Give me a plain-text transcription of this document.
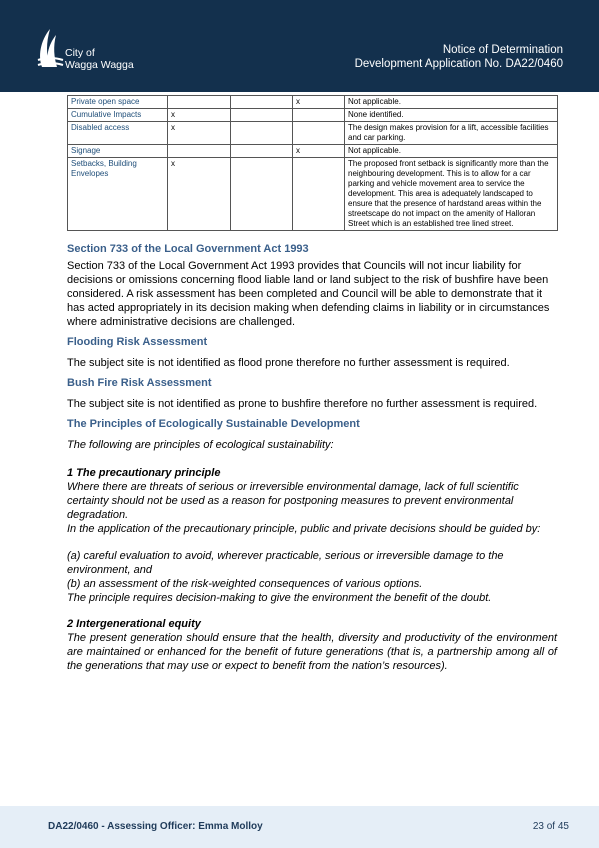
City of
Wagga Wagga
Notice of Determination
Development Application No. DA22/0460
Private open space			x	Not applicable.
Cumulative Impacts	x			None identified.
Disabled access	x			The design makes provision for a lift, accessible facilities and car parking.
Signage			x	Not applicable.
Setbacks, Building Envelopes	x			The proposed front setback is significantly more than the neighbouring development. This is to allow for a car parking and vehicle movement area to service the development. This area is adequately landscaped to ensure that the presence of hardstand areas within the streetscape do not impact on the amenity of Halloran Street which is an established tree lined street.
Section 733 of the Local Government Act 1993

Section 733 of the Local Government Act 1993 provides that Councils will not incur liability for decisions or omissions concerning flood liable land or land subject to the risk of bushfire have been considered. A risk assessment has been completed and Council will be able to demonstrate that it has acted appropriately in its decision making when defending claims in liability or in circumstances where administrative decisions are challenged.

Flooding Risk Assessment

The subject site is not identified as flood prone therefore no further assessment is required.

Bush Fire Risk Assessment

The subject site is not identified as prone to bushfire therefore no further assessment is required.

The Principles of Ecologically Sustainable Development

The following are principles of ecological sustainability:

1 The precautionary principle

Where there are threats of serious or irreversible environmental damage, lack of full scientific certainty should not be used as a reason for postponing measures to prevent environmental degradation.

In the application of the precautionary principle, public and private decisions should be guided by:

(a) careful evaluation to avoid, wherever practicable, serious or irreversible damage to the environment, and

(b) an assessment of the risk-weighted consequences of various options.

The principle requires decision-making to give the environment the benefit of the doubt.

2 Intergenerational equity

The present generation should ensure that the health, diversity and productivity of the environment are maintained or enhanced for the benefit of future generations (that is, a partnership among all of the generations that may use or expect to benefit from the nation’s resources).

DA22/0460 - Assessing Officer: Emma Molloy	23 of 45
